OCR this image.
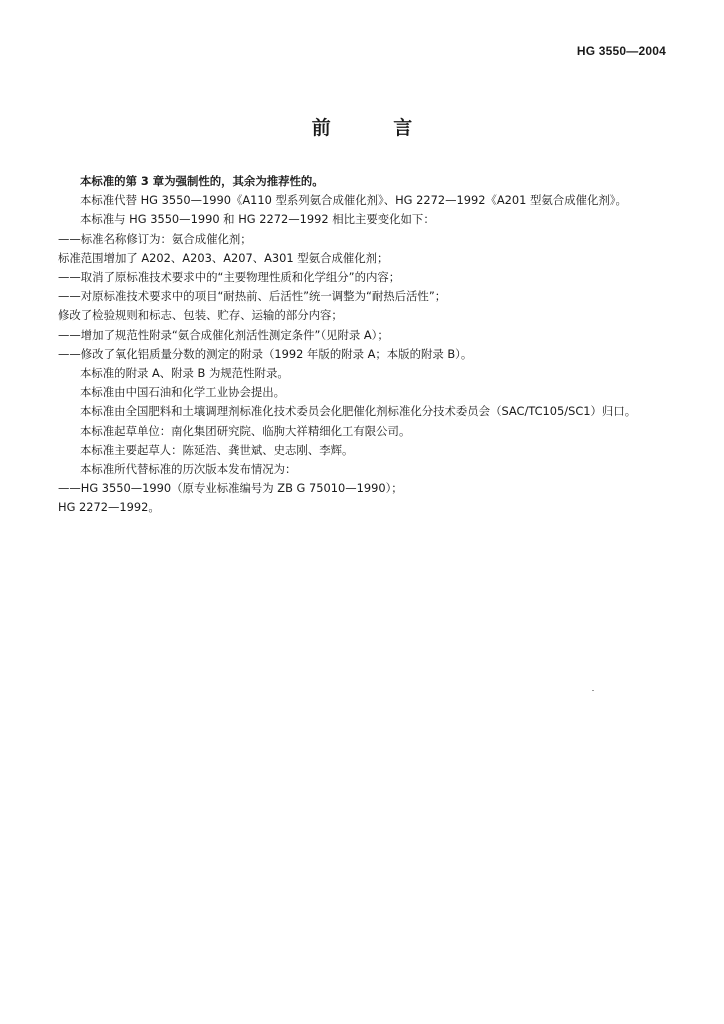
HG 3550—2004
前 言

本标准的第 3 章为强制性的，其余为推荐性的。

本标准代替 HG 3550—1990《A110 型系列氨合成催化剂》、HG 2272—1992《A201 型氨合成催化剂》。

本标准与 HG 3550—1990 和 HG 2272—1992 相比主要变化如下：

——标准名称修订为：氨合成催化剂；

标准范围增加了 A202、A203、A207、A301 型氨合成催化剂；

——取消了原标准技术要求中的“主要物理性质和化学组分”的内容；

——对原标准技术要求中的项目“耐热前、后活性”统一调整为“耐热后活性”；

修改了检验规则和标志、包装、贮存、运输的部分内容；

——增加了规范性附录“氨合成催化剂活性测定条件”（见附录 A）；

——修改了氧化铝质量分数的测定的附录（1992 年版的附录 A；本版的附录 B）。

本标准的附录 A、附录 B 为规范性附录。

本标准由中国石油和化学工业协会提出。

本标准由全国肥料和土壤调理剂标准化技术委员会化肥催化剂标准化分技术委员会（SAC/TC105/SC1）归口。

本标准起草单位：南化集团研究院、临朐大祥精细化工有限公司。

本标准主要起草人：陈延浩、龚世斌、史志刚、李辉。

本标准所代替标准的历次版本发布情况为：

——HG 3550—1990（原专业标准编号为 ZB G 75010—1990）；

HG 2272—1992。
